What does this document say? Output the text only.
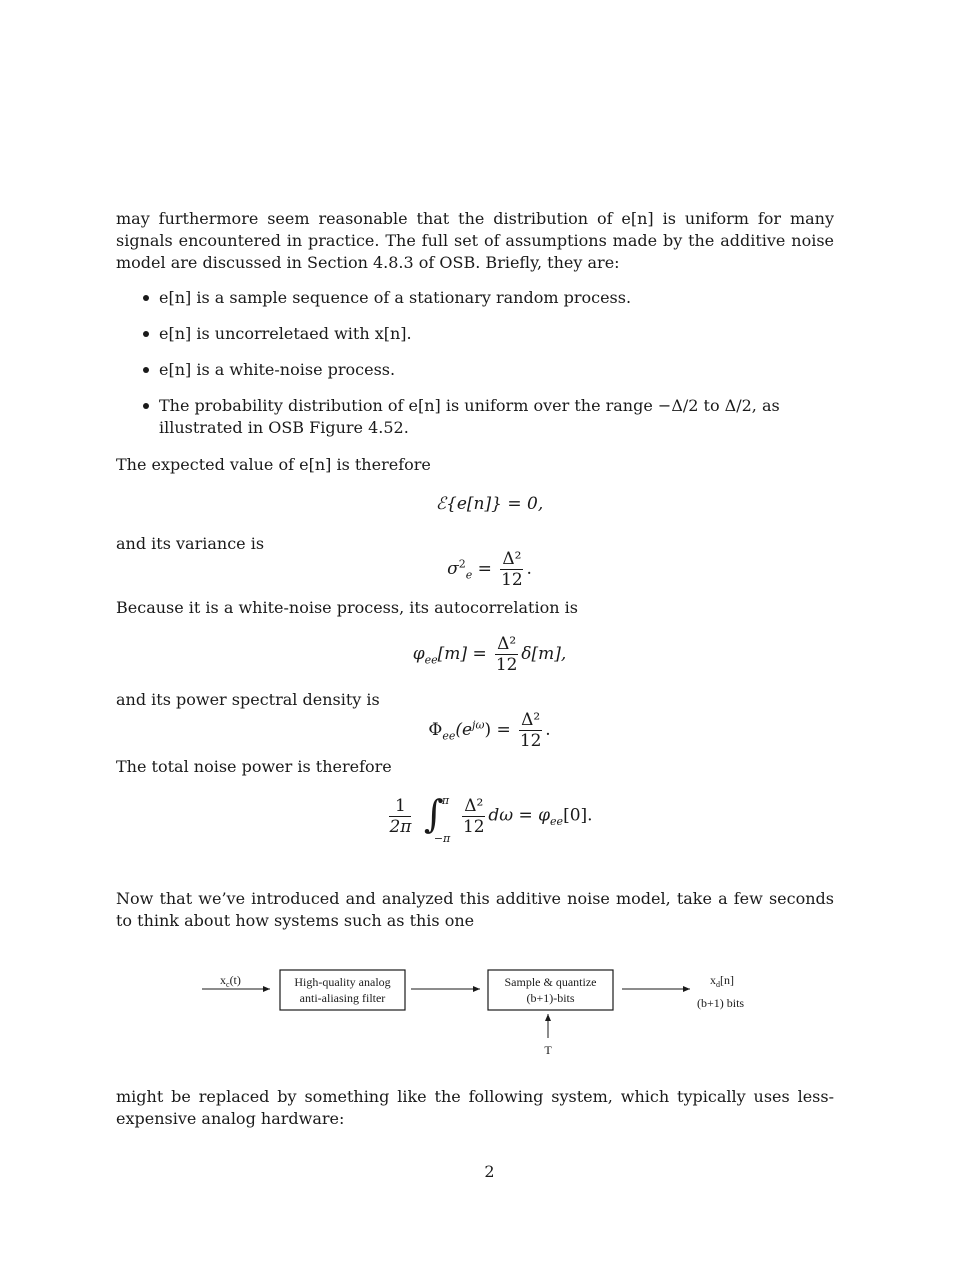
may furthermore seem reasonable that the distribution of e[n] is uniform for many signals encountered in practice. The full set of assumptions made by the additive noise model are discussed in Section 4.8.3 of OSB. Briefly, they are:
e[n] is a sample sequence of a stationary random process.
e[n] is uncorreletaed with x[n].
e[n] is a white-noise process.
The probability distribution of e[n] is uniform over the range −Δ/2 to Δ/2, as illustrated in OSB Figure 4.52.
The expected value of e[n] is therefore
ℰ{e[n]} = 0,
and its variance is
$\sigma^2_e = \frac{\text{Δ²}}{12}$ .
Because it is a white-noise process, its autocorrelation is
$\varphi_{ee}[m] = \frac{\text{Δ²}}{12} \delta[m]$,
and its power spectral density is
$\Phi_{ee}(e^{j\omega}) = \frac{\text{Δ²}}{12}$ .
The total noise power is therefore
$\frac{1}{2\pi}$
∫
π
−π

$\frac{\text{Δ²}}{12}$ $d\omega = \varphi_{ee}[0]$.
Now that we’ve introduced and analyzed this additive noise model, take a few seconds to think about how systems such as this one
$x_c(t)$	High-quality analog
anti-aliasing filter
Sample & quantize
(b+1)-bits
$x_d[n]$
(b+1) bits
T
might be replaced by something like the following system, which typically uses less-expensive analog hardware:
2
